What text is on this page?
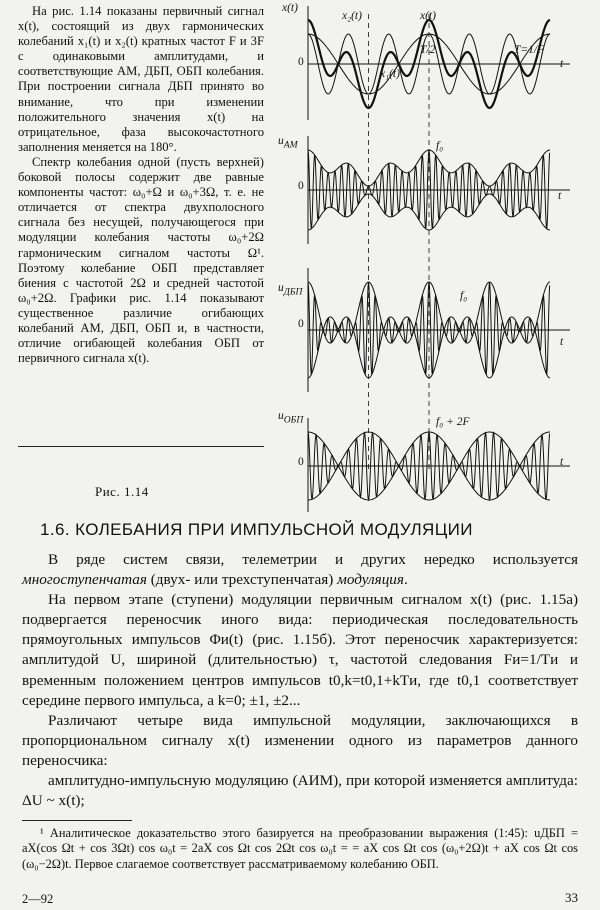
На рис. 1.14 показаны первичный сигнал x(t), состоящий из двух гармонических колебаний x₁(t) и x₂(t) кратных частот F и 3F с одинаковыми амплитудами, и соответствующие АМ, ДБП, ОБП колебания. При построении сигнала ДБП принято во внимание, что при изменении положительного значения x(t) на отрицательное, фаза высокочастотного заполнения меняется на 180°.

Спектр колебания одной (пусть верхней) боковой полосы содержит две равные компоненты частот: ω₀+Ω и ω₀+3Ω, т. е. не отличается от спектра двухполосного сигнала без несущей, получающегося при модуляции колебания частоты ω₀+2Ω гармоническим сигналом частоты Ω¹. Поэтому колебание ОБП представляет биения с частотой 2Ω и средней частотой ω₀+2Ω. Графики рис. 1.14 показывают существенное различие огибающих колебаний АМ, ДБП, ОБП и, в частности, отличие огибающей колебания ОБП от первичного сигнала x(t).

Рис. 1.14
x(t)
x₂(t)	x(t)
T/2	T=1/F
0	t
x₁(t)
$u_{АМ}$	f₀
0
t
$u_{ДБП}$	f₀
0
t
$u_{ОБП}$	f₀ + 2F
0	t
1.6. КОЛЕБАНИЯ ПРИ ИМПУЛЬСНОЙ МОДУЛЯЦИИ

В ряде систем связи, телеметрии и других нередко используется многоступенчатая (двух- или трехступенчатая) модуляция.

На первом этапе (ступени) модуляции первичным сигналом x(t) (рис. 1.15а) подвергается переносчик иного вида: периодическая последовательность прямоугольных импульсов Φи(t) (рис. 1.15б). Этот переносчик характеризуется: амплитудой U, шириной (длительностью) τ, частотой следования Fи=1/Tи и временным положением центров импульсов t0,k=t0,1+kTи, где t0,1 соответствует середине первого импульса, а k=0; ±1, ±2...

Различают четыре вида импульсной модуляции, заключающихся в пропорциональном сигналу x(t) изменении одного из параметров данного переносчика:

амплитудно-импульсную модуляцию (АИМ), при которой изменяется амплитуда: ΔU ~ x(t);

¹ Аналитическое доказательство этого базируется на преобразовании выражения (1:45): uДБП = aX(cos Ωt + cos 3Ωt) cos ω₀t = 2aX cos Ωt cos 2Ωt cos ω₀t = = aX cos Ωt cos (ω₀+2Ω)t + aX cos Ωt cos (ω₀−2Ω)t. Первое слагаемое соответствует рассматриваемому колебанию ОБП.

2—92	33
